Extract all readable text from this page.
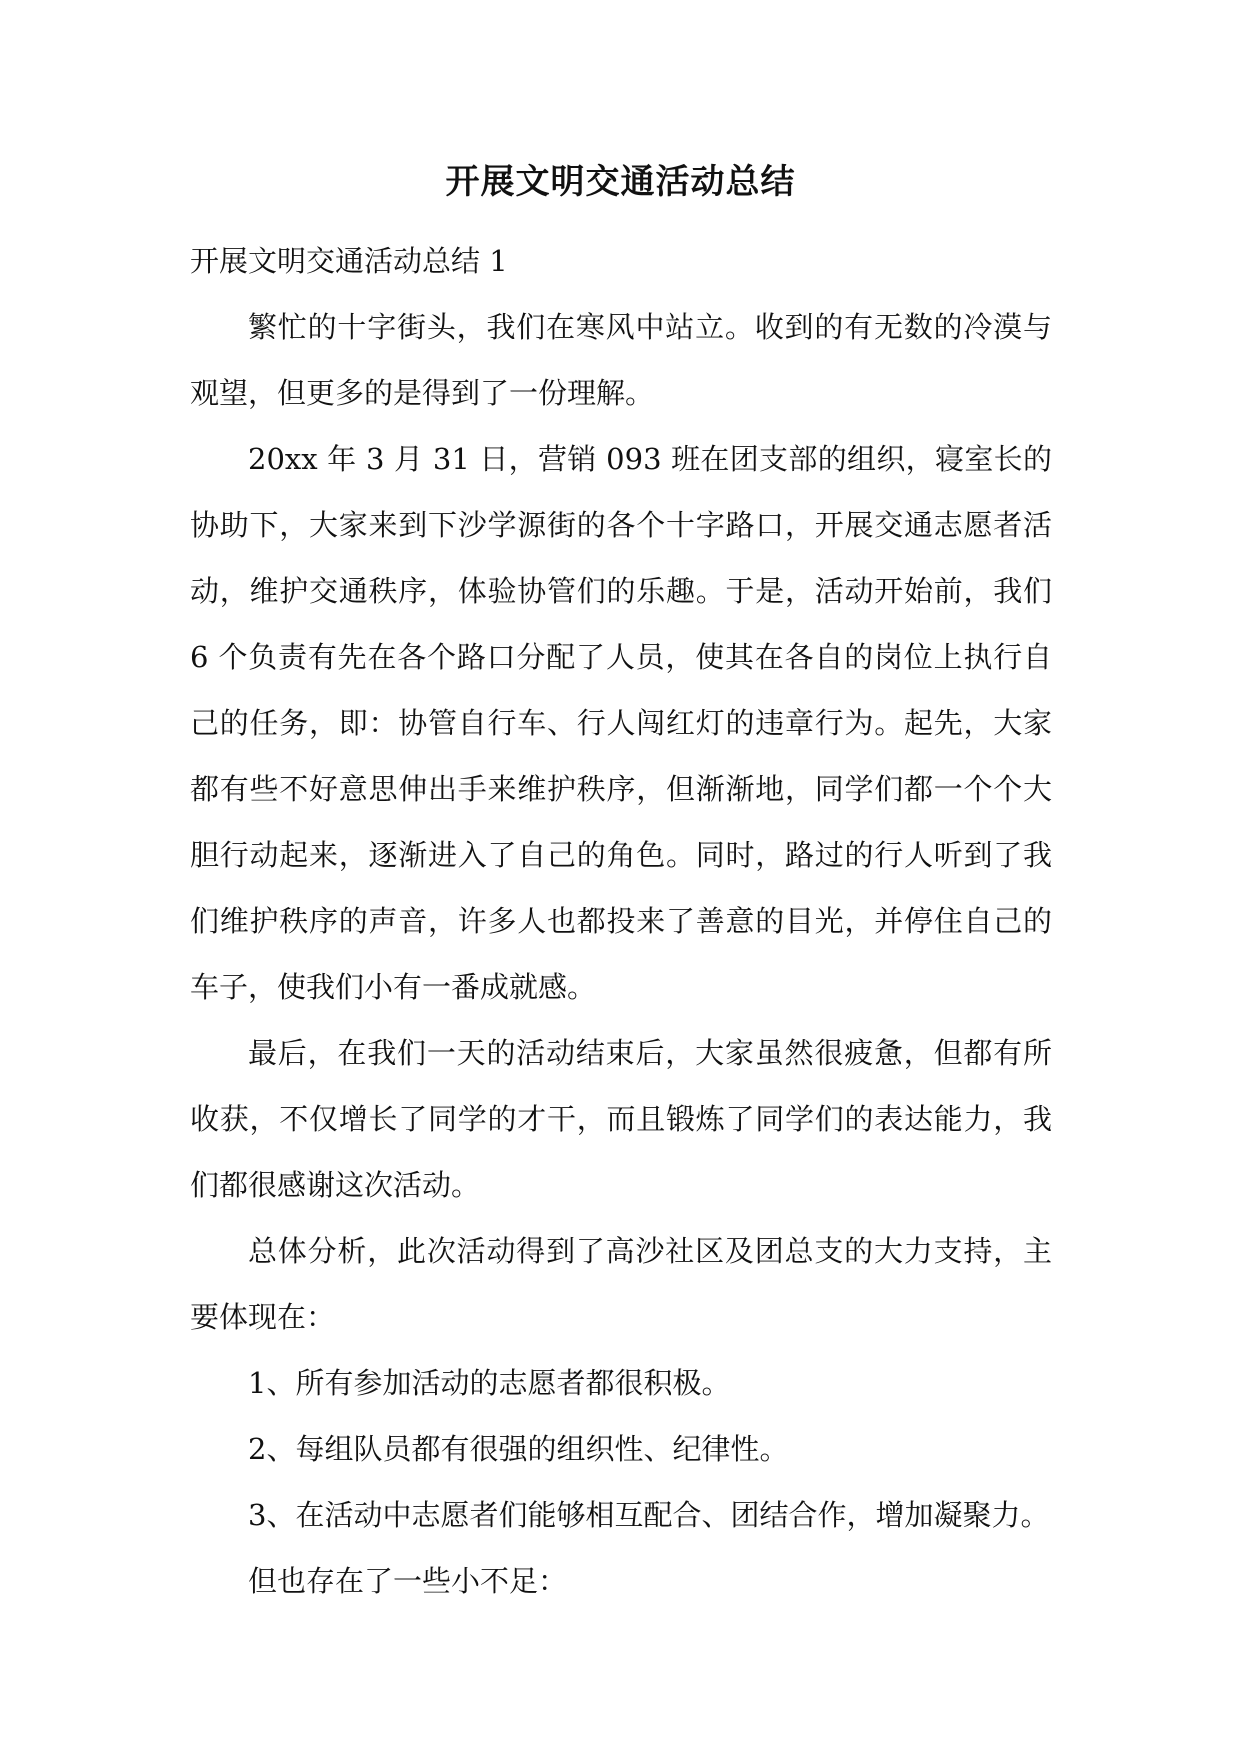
开展文明交通活动总结

开展文明交通活动总结 1

繁忙的十字街头，我们在寒风中站立。收到的有无数的冷漠与观望，但更多的是得到了一份理解。

20xx 年 3 月 31 日，营销 093 班在团支部的组织，寝室长的协助下，大家来到下沙学源街的各个十字路口，开展交通志愿者活动，维护交通秩序，体验协管们的乐趣。于是，活动开始前，我们 6 个负责有先在各个路口分配了人员，使其在各自的岗位上执行自己的任务，即：协管自行车、行人闯红灯的违章行为。起先，大家都有些不好意思伸出手来维护秩序，但渐渐地，同学们都一个个大胆行动起来，逐渐进入了自己的角色。同时，路过的行人听到了我们维护秩序的声音，许多人也都投来了善意的目光，并停住自己的车子，使我们小有一番成就感。

最后，在我们一天的活动结束后，大家虽然很疲惫，但都有所收获，不仅增长了同学的才干，而且锻炼了同学们的表达能力，我们都很感谢这次活动。

总体分析，此次活动得到了高沙社区及团总支的大力支持，主要体现在：

1、所有参加活动的志愿者都很积极。

2、每组队员都有很强的组织性、纪律性。

3、在活动中志愿者们能够相互配合、团结合作，增加凝聚力。

但也存在了一些小不足：
